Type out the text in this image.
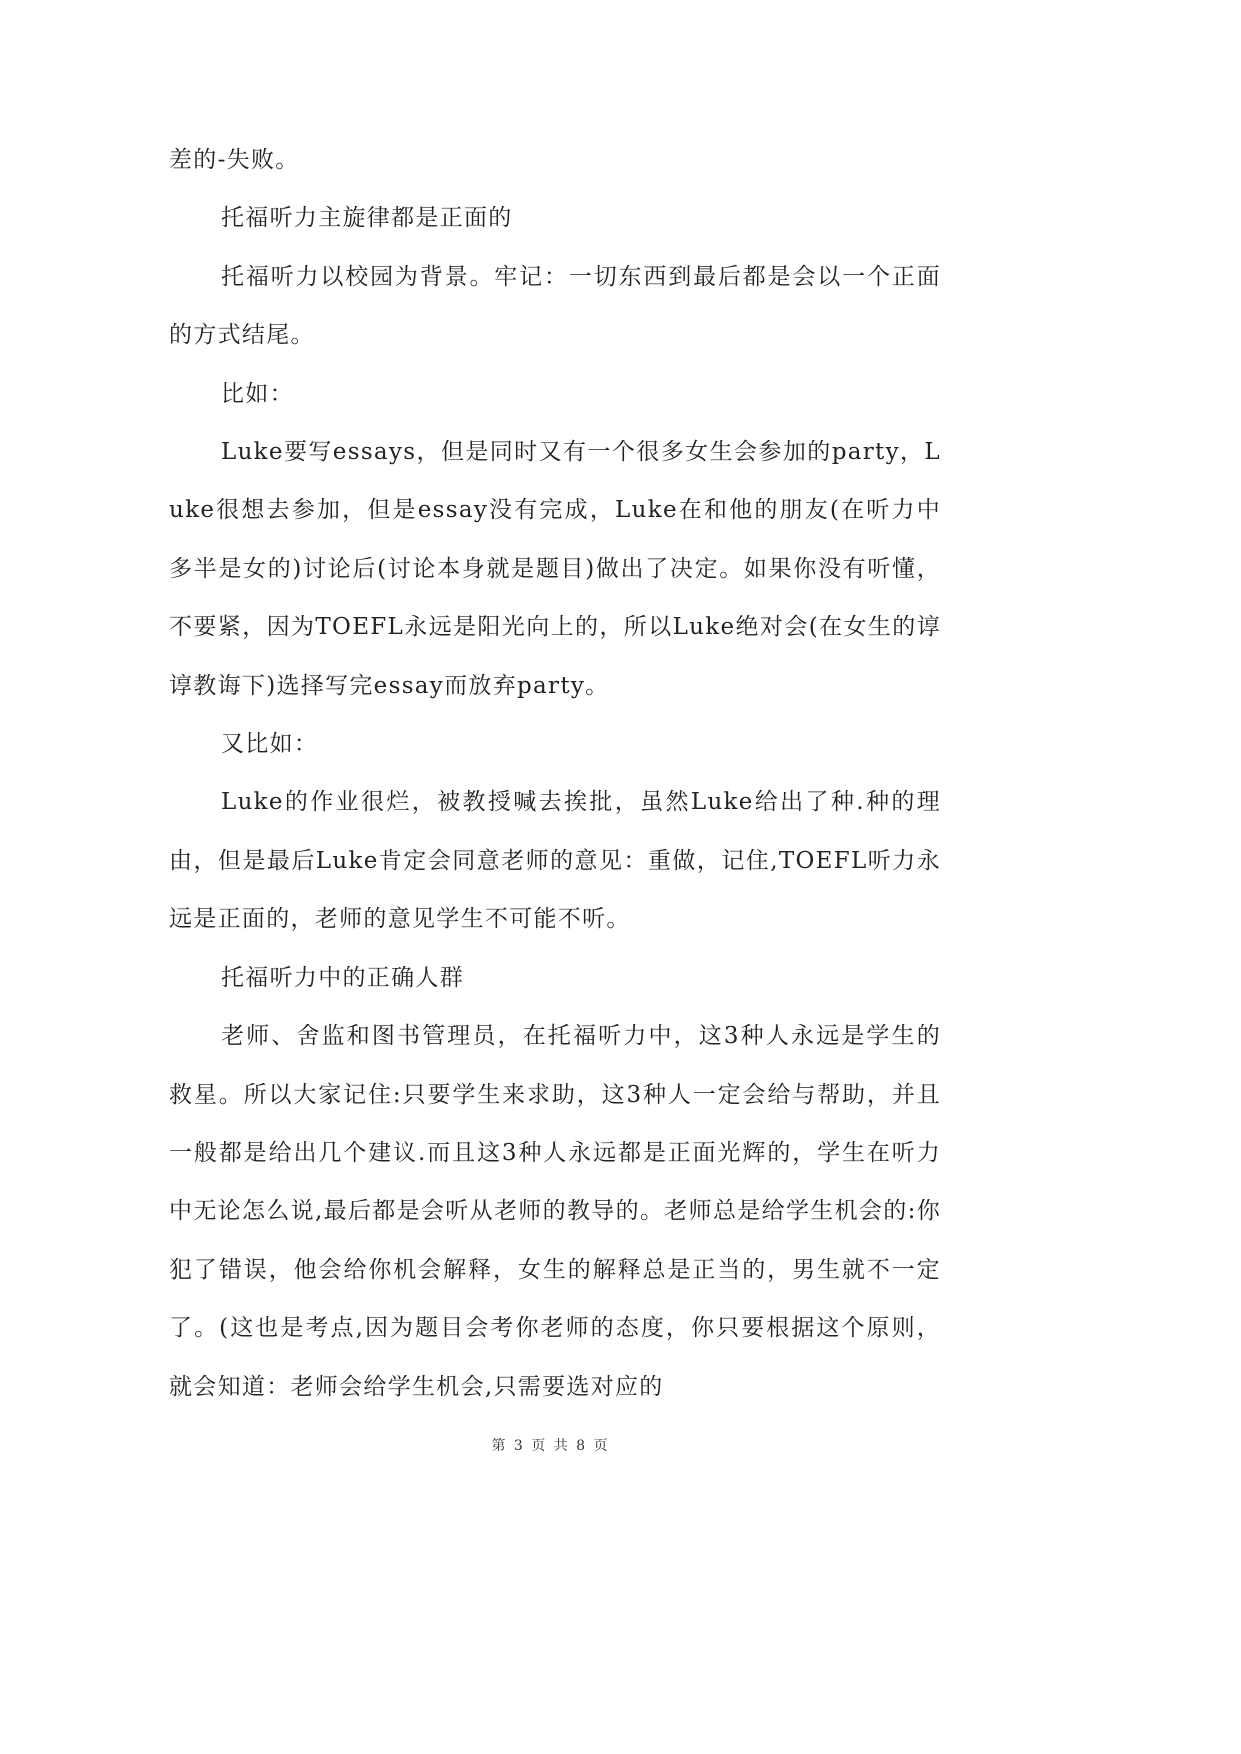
差的-失败。

托福听力主旋律都是正面的

托福听力以校园为背景。牢记：一切东西到最后都是会以一个正面的方式结尾。

比如：

Luke要写essays，但是同时又有一个很多女生会参加的party，Luke很想去参加，但是essay没有完成，Luke在和他的朋友(在听力中多半是女的)讨论后(讨论本身就是题目)做出了决定。如果你没有听懂，不要紧，因为TOEFL永远是阳光向上的，所以Luke绝对会(在女生的谆谆教诲下)选择写完essay而放弃party。

又比如：

Luke的作业很烂，被教授喊去挨批，虽然Luke给出了种.种的理由，但是最后Luke肯定会同意老师的意见：重做，记住,TOEFL听力永远是正面的，老师的意见学生不可能不听。

托福听力中的正确人群

老师、舍监和图书管理员，在托福听力中，这3种人永远是学生的救星。所以大家记住:只要学生来求助，这3种人一定会给与帮助，并且一般都是给出几个建议.而且这3种人永远都是正面光辉的，学生在听力中无论怎么说,最后都是会听从老师的教导的。老师总是给学生机会的:你犯了错误，他会给你机会解释，女生的解释总是正当的，男生就不一定了。(这也是考点,因为题目会考你老师的态度，你只要根据这个原则，就会知道：老师会给学生机会,只需要选对应的

第 3 页 共 8 页
